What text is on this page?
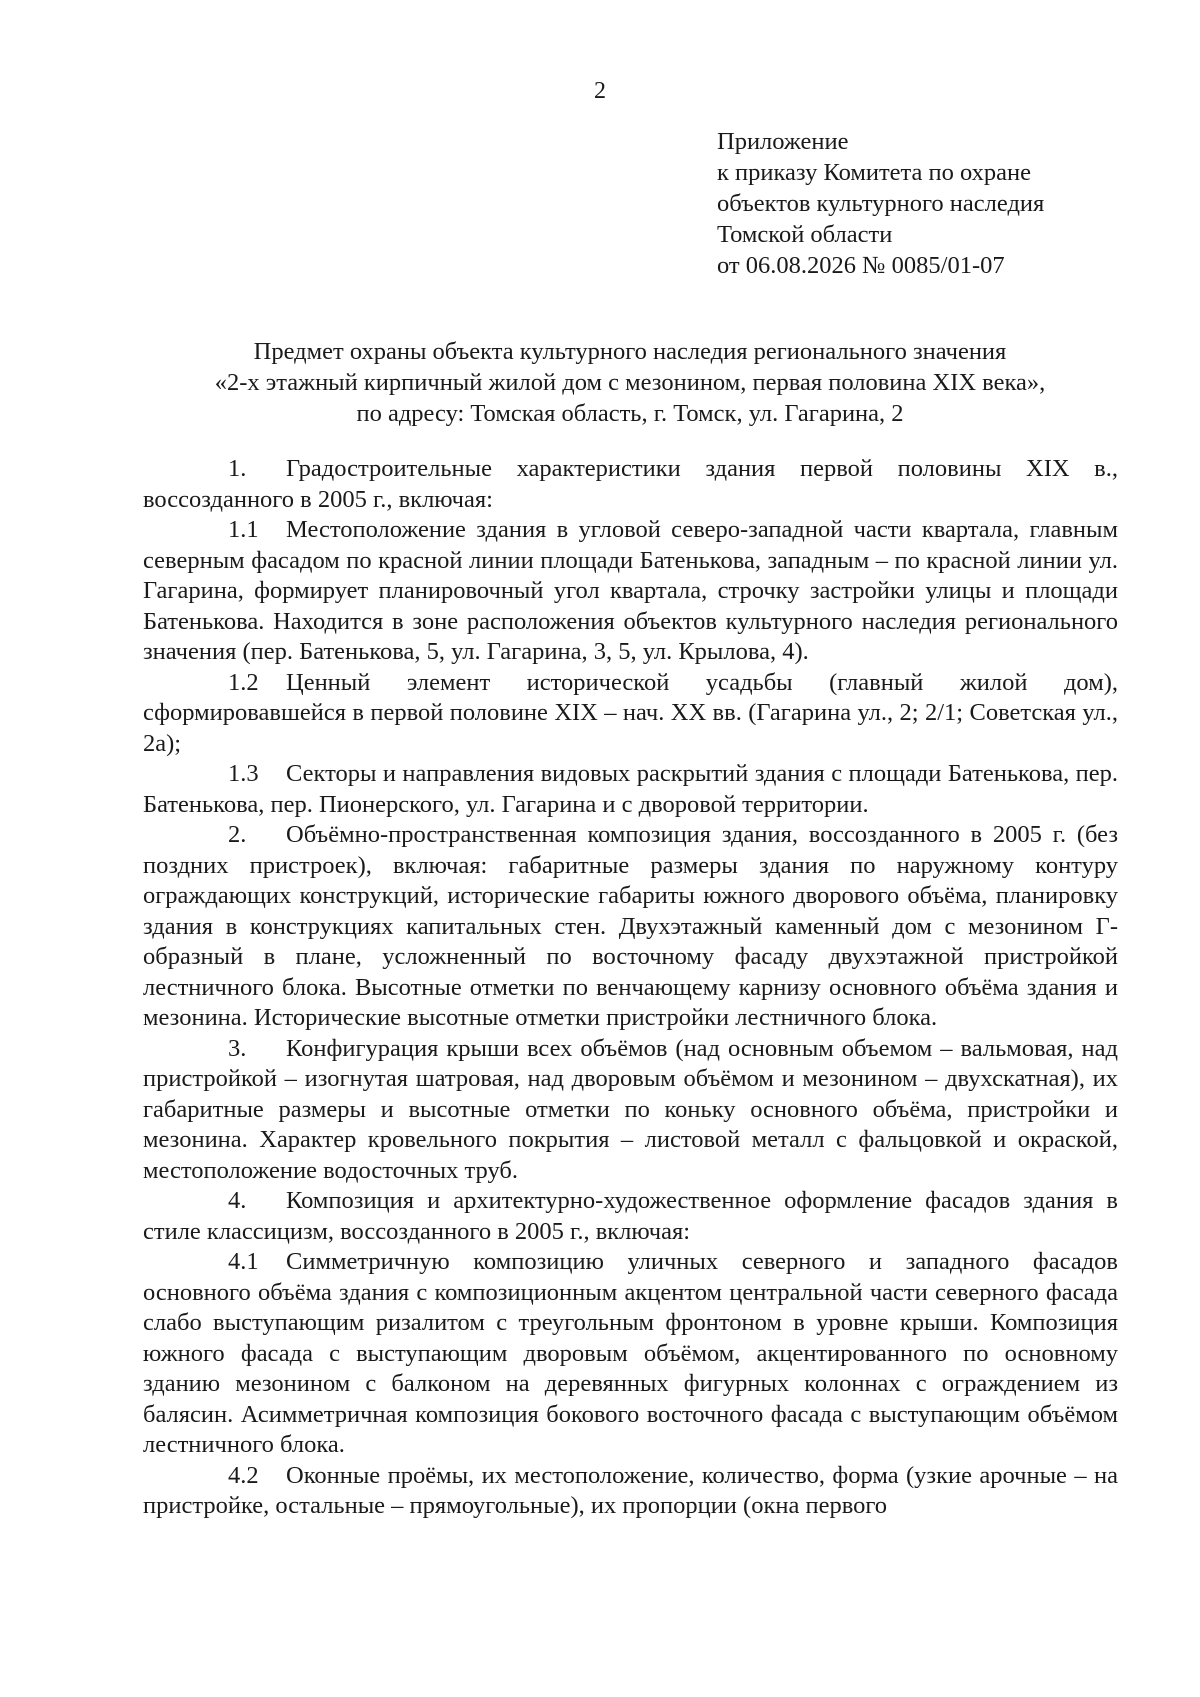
2
Приложение
к приказу Комитета по охране
объектов культурного наследия
Томской области
от 06.08.2026 № 0085/01-07
Предмет охраны объекта культурного наследия регионального значения
«2-х этажный кирпичный жилой дом с мезонином, первая половина XIX века»,
по адресу: Томская область, г. Томск, ул. Гагарина, 2

1. Градостроительные характеристики здания первой половины XIX в., воссозданного в 2005 г., включая:

1.1 Местоположение здания в угловой северо-западной части квартала, главным северным фасадом по красной линии площади Батенькова, западным – по красной линии ул. Гагарина, формирует планировочный угол квартала, строчку застройки улицы и площади Батенькова. Находится в зоне расположения объектов культурного наследия регионального значения (пер. Батенькова, 5, ул. Гагарина, 3, 5, ул. Крылова, 4).

1.2 Ценный элемент исторической усадьбы (главный жилой дом), сформировавшейся в первой половине XIX – нач. XX вв. (Гагарина ул., 2; 2/1; Советская ул., 2а);

1.3 Секторы и направления видовых раскрытий здания с площади Батенькова, пер. Батенькова, пер. Пионерского, ул. Гагарина и с дворовой территории.

2. Объёмно-пространственная композиция здания, воссозданного в 2005 г. (без поздних пристроек), включая: габаритные размеры здания по наружному контуру ограждающих конструкций, исторические габариты южного дворового объёма, планировку здания в конструкциях капитальных стен. Двухэтажный каменный дом с мезонином Г-образный в плане, усложненный по восточному фасаду двухэтажной пристройкой лестничного блока. Высотные отметки по венчающему карнизу основного объёма здания и мезонина. Исторические высотные отметки пристройки лестничного блока.

3. Конфигурация крыши всех объёмов (над основным объемом – вальмовая, над пристройкой – изогнутая шатровая, над дворовым объёмом и мезонином – двухскатная), их габаритные размеры и высотные отметки по коньку основного объёма, пристройки и мезонина. Характер кровельного покрытия – листовой металл с фальцовкой и окраской, местоположение водосточных труб.

4. Композиция и архитектурно-художественное оформление фасадов здания в стиле классицизм, воссозданного в 2005 г., включая:

4.1 Симметричную композицию уличных северного и западного фасадов основного объёма здания с композиционным акцентом центральной части северного фасада слабо выступающим ризалитом с треугольным фронтоном в уровне крыши. Композиция южного фасада с выступающим дворовым объёмом, акцентированного по основному зданию мезонином с балконом на деревянных фигурных колоннах с ограждением из балясин. Асимметричная композиция бокового восточного фасада с выступающим объёмом лестничного блока.

4.2 Оконные проёмы, их местоположение, количество, форма (узкие арочные – на пристройке, остальные – прямоугольные), их пропорции (окна первого
